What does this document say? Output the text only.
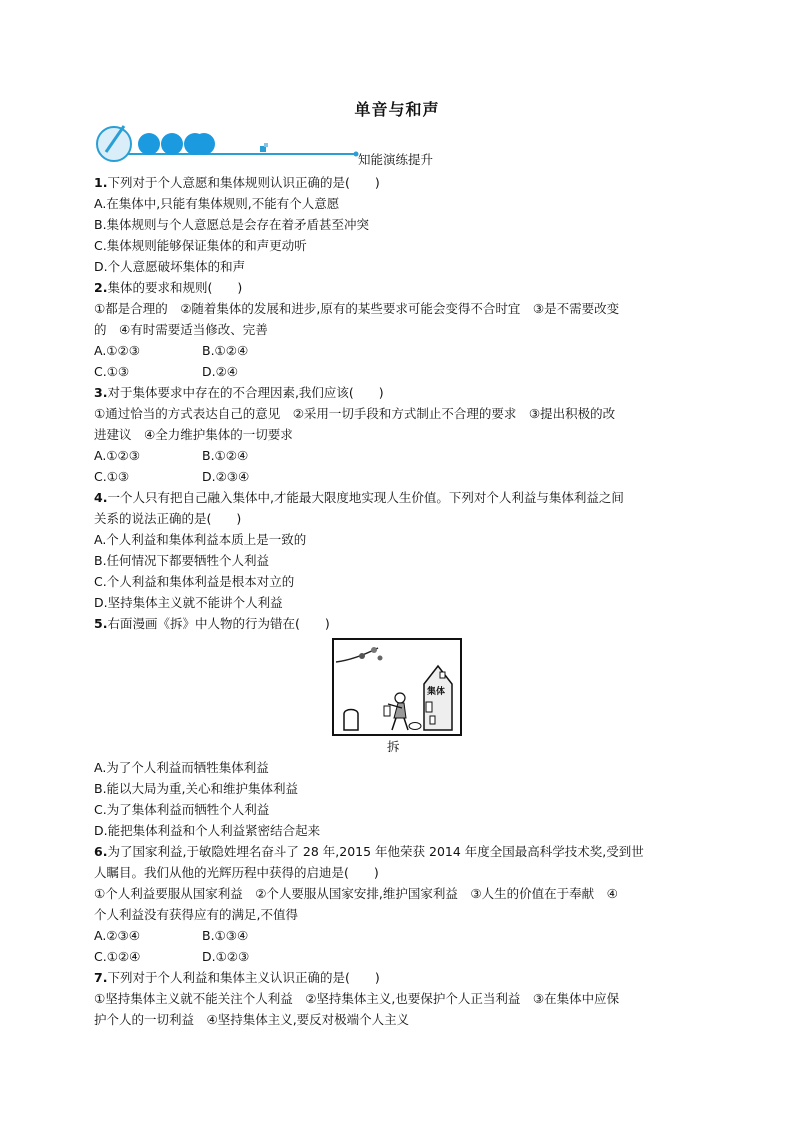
单音与和声
知能演练提升
1.下列对于个人意愿和集体规则认识正确的是(　　)
A.在集体中,只能有集体规则,不能有个人意愿
B.集体规则与个人意愿总是会存在着矛盾甚至冲突
C.集体规则能够保证集体的和声更动听
D.个人意愿破坏集体的和声
2.集体的要求和规则(　　)
①都是合理的　②随着集体的发展和进步,原有的某些要求可能会变得不合时宜　③是不需要改变
的　④有时需要适当修改、完善
A.①②③	B.①②④
C.①③	D.②④
3.对于集体要求中存在的不合理因素,我们应该(　　)
①通过恰当的方式表达自己的意见　②采用一切手段和方式制止不合理的要求　③提出积极的改
进建议　④全力维护集体的一切要求
A.①②③	B.①②④
C.①③	D.②③④
4.一个人只有把自己融入集体中,才能最大限度地实现人生价值。下列对个人利益与集体利益之间
关系的说法正确的是(　　)
A.个人利益和集体利益本质上是一致的
B.任何情况下都要牺牲个人利益
C.个人利益和集体利益是根本对立的
D.坚持集体主义就不能讲个人利益
5.右面漫画《拆》中人物的行为错在(　　)
集体
拆
A.为了个人利益而牺牲集体利益
B.能以大局为重,关心和维护集体利益
C.为了集体利益而牺牲个人利益
D.能把集体利益和个人利益紧密结合起来
6.为了国家利益,于敏隐姓埋名奋斗了 28 年,2015 年他荣获 2014 年度全国最高科学技术奖,受到世
人瞩目。我们从他的光辉历程中获得的启迪是(　　)
①个人利益要服从国家利益　②个人要服从国家安排,维护国家利益　③人生的价值在于奉献　④
个人利益没有获得应有的满足,不值得
A.②③④	B.①③④
C.①②④	D.①②③
7.下列对于个人利益和集体主义认识正确的是(　　)
①坚持集体主义就不能关注个人利益　②坚持集体主义,也要保护个人正当利益　③在集体中应保
护个人的一切利益　④坚持集体主义,要反对极端个人主义
